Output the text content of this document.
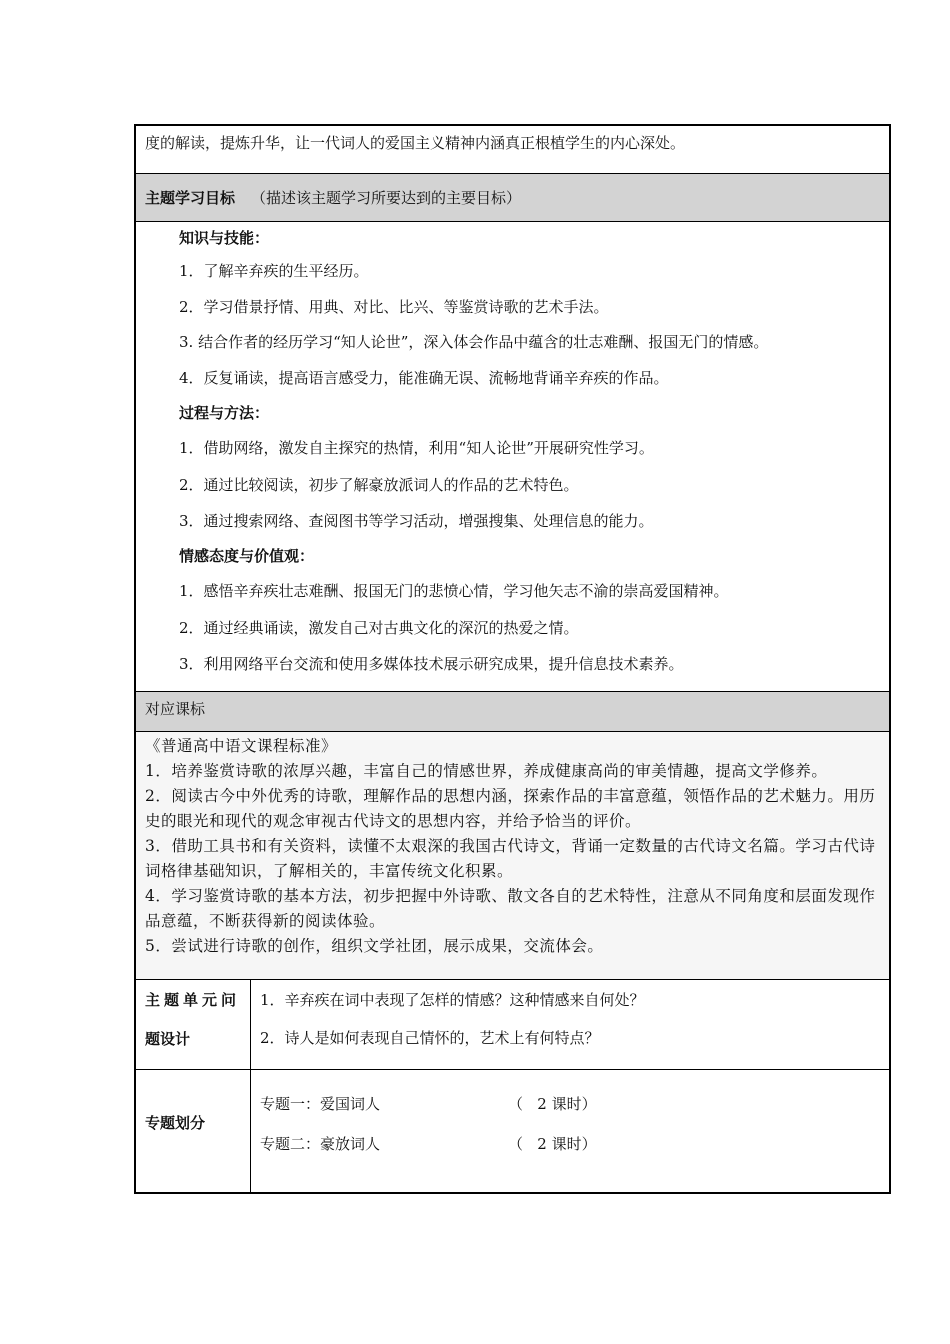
度的解读，提炼升华，让一代词人的爱国主义精神内涵真正根植学生的内心深处。
主题学习目标 （描述该主题学习所要达到的主要目标）
知识与技能：
1．了解辛弃疾的生平经历。
2．学习借景抒情、用典、对比、比兴、等鉴赏诗歌的艺术手法。
3. 结合作者的经历学习“知人论世”，深入体会作品中蕴含的壮志难酬、报国无门的情感。
4．反复诵读，提高语言感受力，能准确无误、流畅地背诵辛弃疾的作品。
过程与方法：
1．借助网络，激发自主探究的热情，利用“知人论世”开展研究性学习。
2．通过比较阅读，初步了解豪放派词人的作品的艺术特色。
3．通过搜索网络、查阅图书等学习活动，增强搜集、处理信息的能力。
情感态度与价值观：
1．感悟辛弃疾壮志难酬、报国无门的悲愤心情，学习他矢志不渝的崇高爱国精神。
2．通过经典诵读，激发自己对古典文化的深沉的热爱之情。
3．利用网络平台交流和使用多媒体技术展示研究成果，提升信息技术素养。
对应课标

《普通高中语文课程标准》

1．培养鉴赏诗歌的浓厚兴趣，丰富自己的情感世界，养成健康高尚的审美情趣，提高文学修养。

2．阅读古今中外优秀的诗歌，理解作品的思想内涵，探索作品的丰富意蕴，领悟作品的艺术魅力。用历史的眼光和现代的观念审视古代诗文的思想内容，并给予恰当的评价。

3．借助工具书和有关资料，读懂不太艰深的我国古代诗文，背诵一定数量的古代诗文名篇。学习古代诗词格律基础知识，了解相关的，丰富传统文化积累。

4．学习鉴赏诗歌的基本方法，初步把握中外诗歌、散文各自的艺术特性，注意从不同角度和层面发现作品意蕴，不断获得新的阅读体验。

5．尝试进行诗歌的创作，组织文学社团，展示成果，交流体会。

主题单元问
题设计
1．辛弃疾在词中表现了怎样的情感？这种情感来自何处？
2．诗人是如何表现自己情怀的，艺术上有何特点？
专题划分
专题一：爱国词人	（   2 课时）
专题二：豪放词人	（   2 课时）
